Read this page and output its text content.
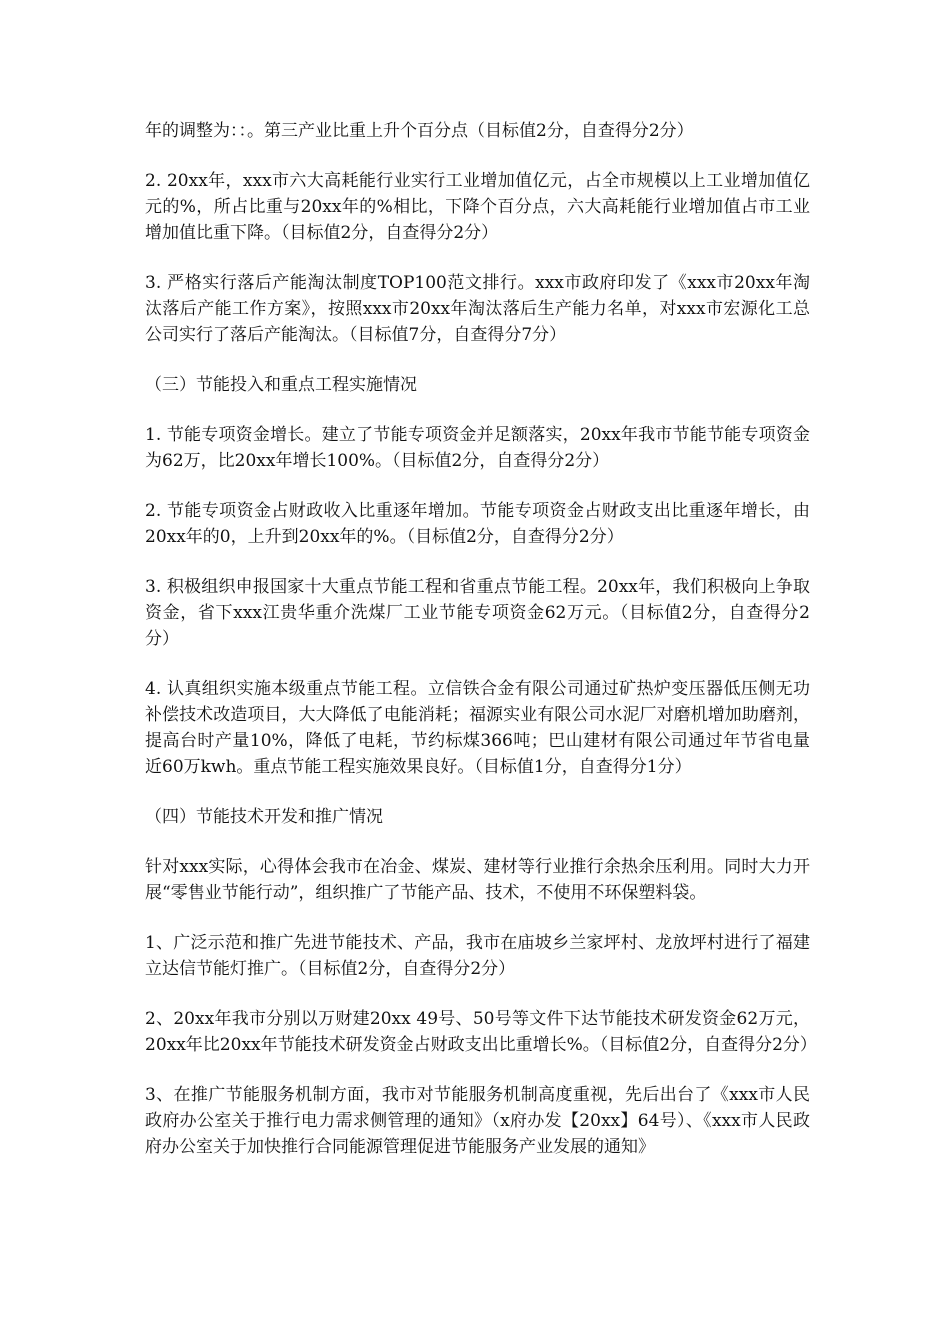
年的调整为：：。第三产业比重上升个百分点（目标值2分，自查得分2分）

2. 20xx年，xxx市六大高耗能行业实行工业增加值亿元，占全市规模以上工业增加值亿元的%，所占比重与20xx年的%相比，下降个百分点，六大高耗能行业增加值占市工业增加值比重下降。（目标值2分，自查得分2分）

3. 严格实行落后产能淘汰制度TOP100范文排行。xxx市政府印发了《xxx市20xx年淘汰落后产能工作方案》，按照xxx市20xx年淘汰落后生产能力名单，对xxx市宏源化工总公司实行了落后产能淘汰。（目标值7分，自查得分7分）

（三）节能投入和重点工程实施情况

1. 节能专项资金增长。建立了节能专项资金并足额落实，20xx年我市节能节能专项资金为62万，比20xx年增长100%。（目标值2分，自查得分2分）

2. 节能专项资金占财政收入比重逐年增加。节能专项资金占财政支出比重逐年增长，由20xx年的0，上升到20xx年的%。（目标值2分，自查得分2分）

3. 积极组织申报国家十大重点节能工程和省重点节能工程。20xx年，我们积极向上争取资金，省下xxx江贵华重介洗煤厂工业节能专项资金62万元。（目标值2分，自查得分2分）

4. 认真组织实施本级重点节能工程。立信铁合金有限公司通过矿热炉变压器低压侧无功补偿技术改造项目，大大降低了电能消耗；福源实业有限公司水泥厂对磨机增加助磨剂，提高台时产量10%，降低了电耗，节约标煤366吨；巴山建材有限公司通过年节省电量近60万kwh。重点节能工程实施效果良好。（目标值1分，自查得分1分）

（四）节能技术开发和推广情况

针对xxx实际，心得体会我市在冶金、煤炭、建材等行业推行余热余压利用。同时大力开展“零售业节能行动”，组织推广了节能产品、技术，不使用不环保塑料袋。

1、广泛示范和推广先进节能技术、产品，我市在庙坡乡兰家坪村、龙放坪村进行了福建立达信节能灯推广。（目标值2分，自查得分2分）

2、20xx年我市分别以万财建20xx 49号、50号等文件下达节能技术研发资金62万元，20xx年比20xx年节能技术研发资金占财政支出比重增长%。（目标值2分，自查得分2分）

3、在推广节能服务机制方面，我市对节能服务机制高度重视，先后出台了《xxx市人民政府办公室关于推行电力需求侧管理的通知》（x府办发【20xx】64号）、《xxx市人民政府办公室关于加快推行合同能源管理促进节能服务产业发展的通知》
